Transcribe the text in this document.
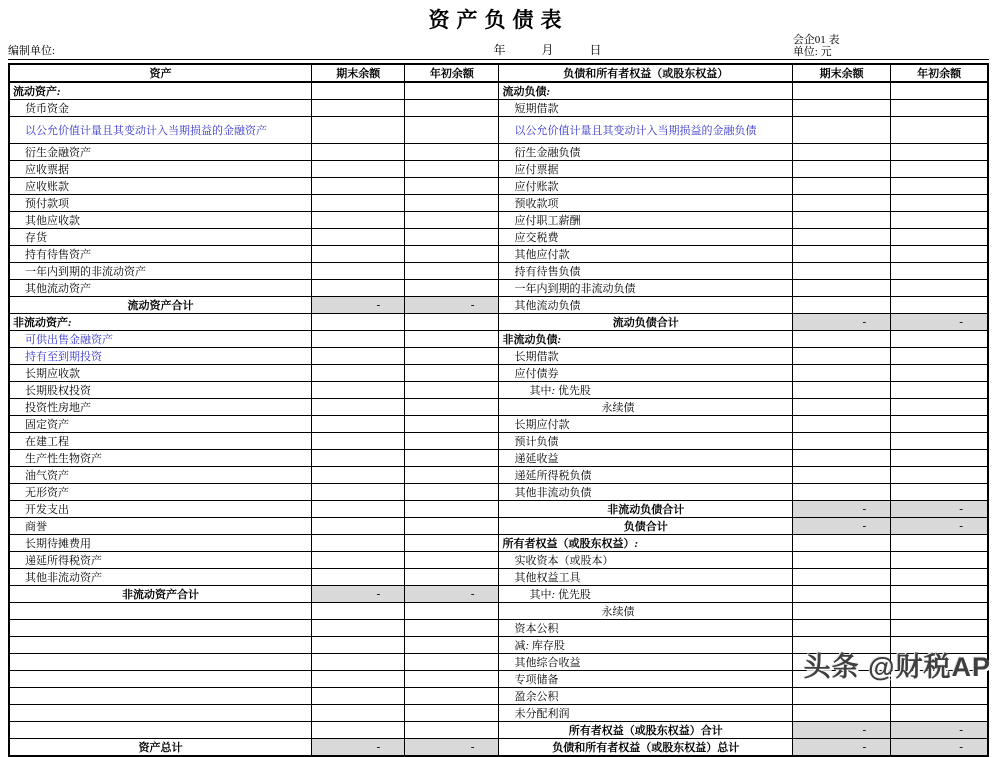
资产负债表
编制单位:	年　　　月　　　日
会企01 表
单位: 元
资产	期末余额	年初余额	负债和所有者权益（或股东权益）	期末余额	年初余额
流动资产:			流动负债:		
货币资金			短期借款		
以公允价值计量且其变动计入当期损益的金融资产			以公允价值计量且其变动计入当期损益的金融负债		
衍生金融资产			衍生金融负债		
应收票据			应付票据		
应收账款			应付账款		
预付款项			预收款项		
其他应收款			应付职工薪酬		
存货			应交税费		
持有待售资产			其他应付款		
一年内到期的非流动资产			持有待售负债		
其他流动资产			一年内到期的非流动负债		
流动资产合计	-	-	其他流动负债		
非流动资产:			流动负债合计	-	-
可供出售金融资产			非流动负债:		
持有至到期投资			长期借款		
长期应收款			应付债券		
长期股权投资			其中: 优先股		
投资性房地产			永续债		
固定资产			长期应付款		
在建工程			预计负债		
生产性生物资产			递延收益		
油气资产			递延所得税负债		
无形资产			其他非流动负债		
开发支出			非流动负债合计	-	-
商誉			负债合计	-	-
长期待摊费用			所有者权益（或股东权益）:		
递延所得税资产			实收资本（或股本）		
其他非流动资产			其他权益工具		
非流动资产合计	-	-	其中: 优先股		
			永续债		
			资本公积		
			减: 库存股		
			其他综合收益		
			专项储备		
			盈余公积		
			未分配利润		
			所有者权益（或股东权益）合计	-	-
资产总计	-	-	负债和所有者权益（或股东权益）总计	-	-
头条 @财税AP
